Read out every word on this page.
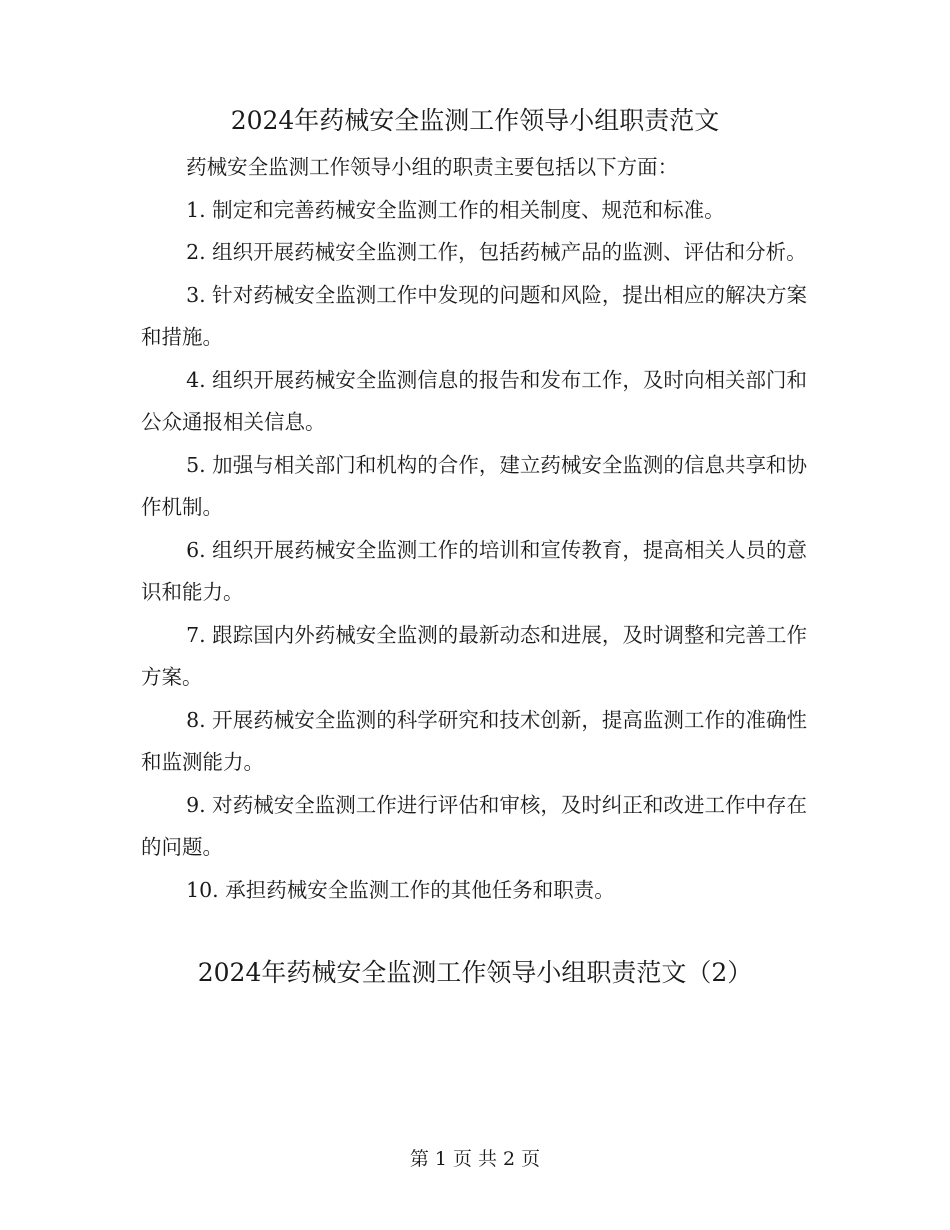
2024年药械安全监测工作领导小组职责范文

药械安全监测工作领导小组的职责主要包括以下方面：

1. 制定和完善药械安全监测工作的相关制度、规范和标准。

2. 组织开展药械安全监测工作，包括药械产品的监测、评估和分析。

3. 针对药械安全监测工作中发现的问题和风险，提出相应的解决方案和措施。

4. 组织开展药械安全监测信息的报告和发布工作，及时向相关部门和公众通报相关信息。

5. 加强与相关部门和机构的合作，建立药械安全监测的信息共享和协作机制。

6. 组织开展药械安全监测工作的培训和宣传教育，提高相关人员的意识和能力。

7. 跟踪国内外药械安全监测的最新动态和进展，及时调整和完善工作方案。

8. 开展药械安全监测的科学研究和技术创新，提高监测工作的准确性和监测能力。

9. 对药械安全监测工作进行评估和审核，及时纠正和改进工作中存在的问题。

10. 承担药械安全监测工作的其他任务和职责。

2024年药械安全监测工作领导小组职责范文（2）
第 1 页 共 2 页
